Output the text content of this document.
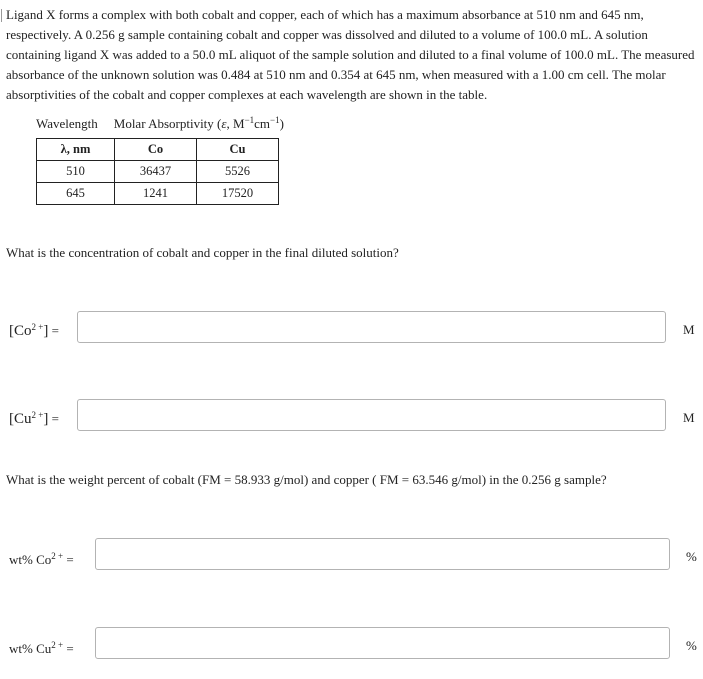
Ligand X forms a complex with both cobalt and copper, each of which has a maximum absorbance at 510 nm and 645 nm, respectively. A 0.256 g sample containing cobalt and copper was dissolved and diluted to a volume of 100.0 mL. A solution containing ligand X was added to a 50.0 mL aliquot of the sample solution and diluted to a final volume of 100.0 mL. The measured absorbance of the unknown solution was 0.484 at 510 nm and 0.354 at 645 nm, when measured with a 1.00 cm cell. The molar absorptivities of the cobalt and copper complexes at each wavelength are shown in the table.

Wavelength Molar Absorptivity (ε, $M^{-1}cm^{-1}$)
λ, nm	Co	Cu
510	36437	5526
645	1241	17520
What is the concentration of cobalt and copper in the final diluted solution?
$[Co^{2 +}]$ =	M
$[Cu^{2 +}]$ =	M
What is the weight percent of cobalt (FM = 58.933 g/mol) and copper ( FM = 63.546 g/mol) in the 0.256 g sample?
wt% $Co^{2 +}$ =	%
wt% $Cu^{2 +}$ =	%
